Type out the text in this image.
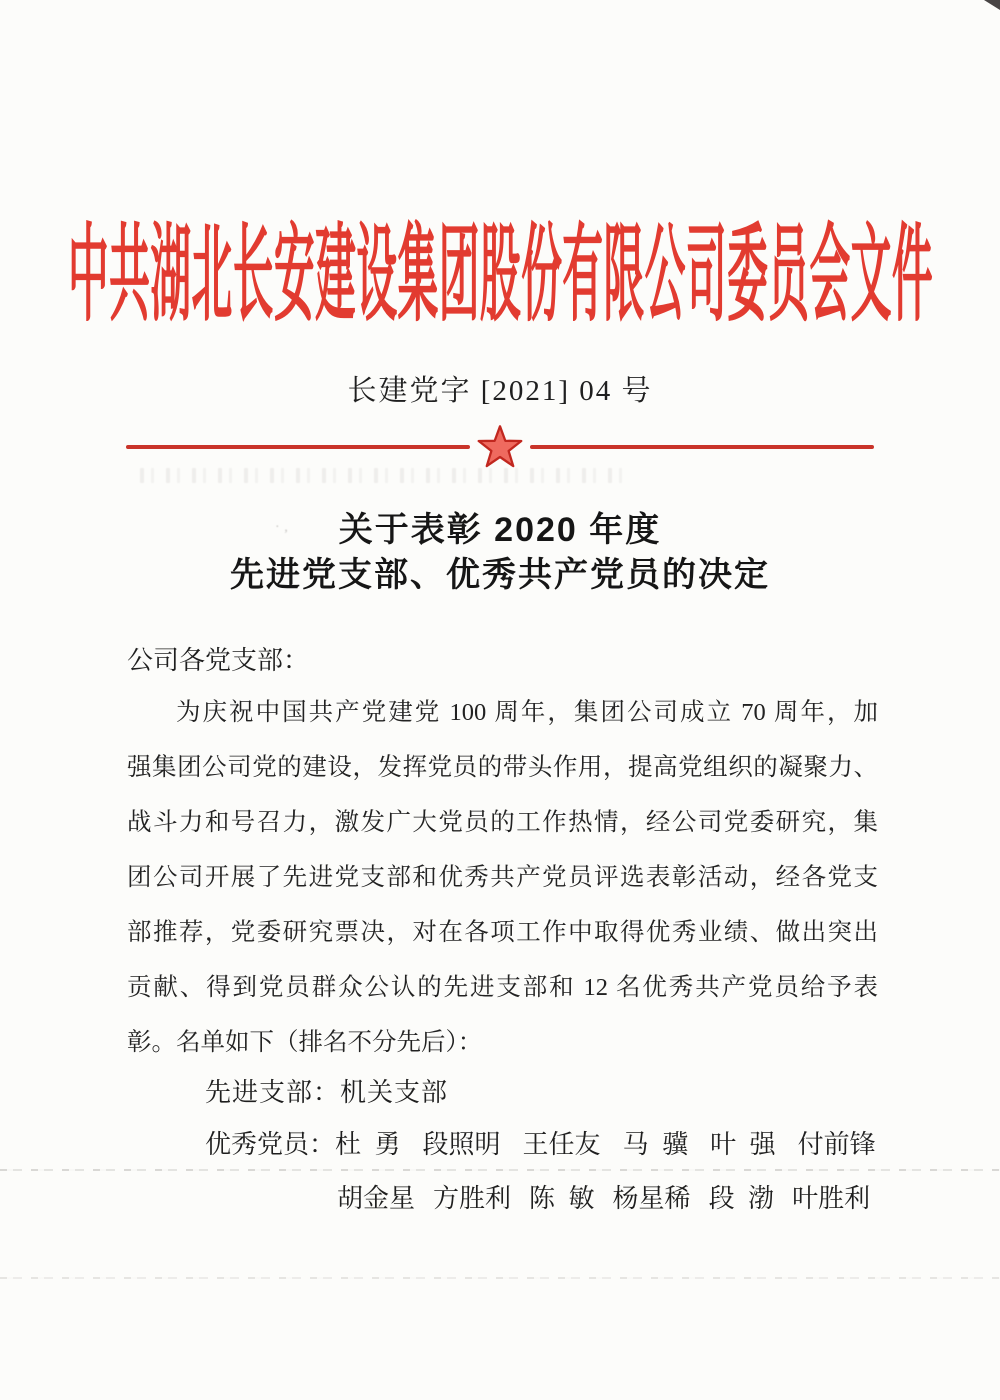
·‚
中共湖北长安建设集团股份有限公司委员会文件
长建党字 [2021] 04 号
关于表彰 2020 年度
先进党支部、优秀共产党员的决定
公司各党支部：
为庆祝中国共产党建党 100 周年，集团公司成立 70 周年，加
强集团公司党的建设，发挥党员的带头作用，提高党组织的凝聚力、
战斗力和号召力，激发广大党员的工作热情，经公司党委研究，集
团公司开展了先进党支部和优秀共产党员评选表彰活动，经各党支
部推荐，党委研究票决，对在各项工作中取得优秀业绩、做出突出
贡献、得到党员群众公认的先进支部和 12 名优秀共产党员给予表
彰。名单如下（排名不分先后）：
先进支部：机关支部
优秀党员： 杜 勇 段照明 王任友 马 骥 叶 强 付前锋
胡金星 方胜利 陈 敏 杨星稀 段 渤 叶胜利
